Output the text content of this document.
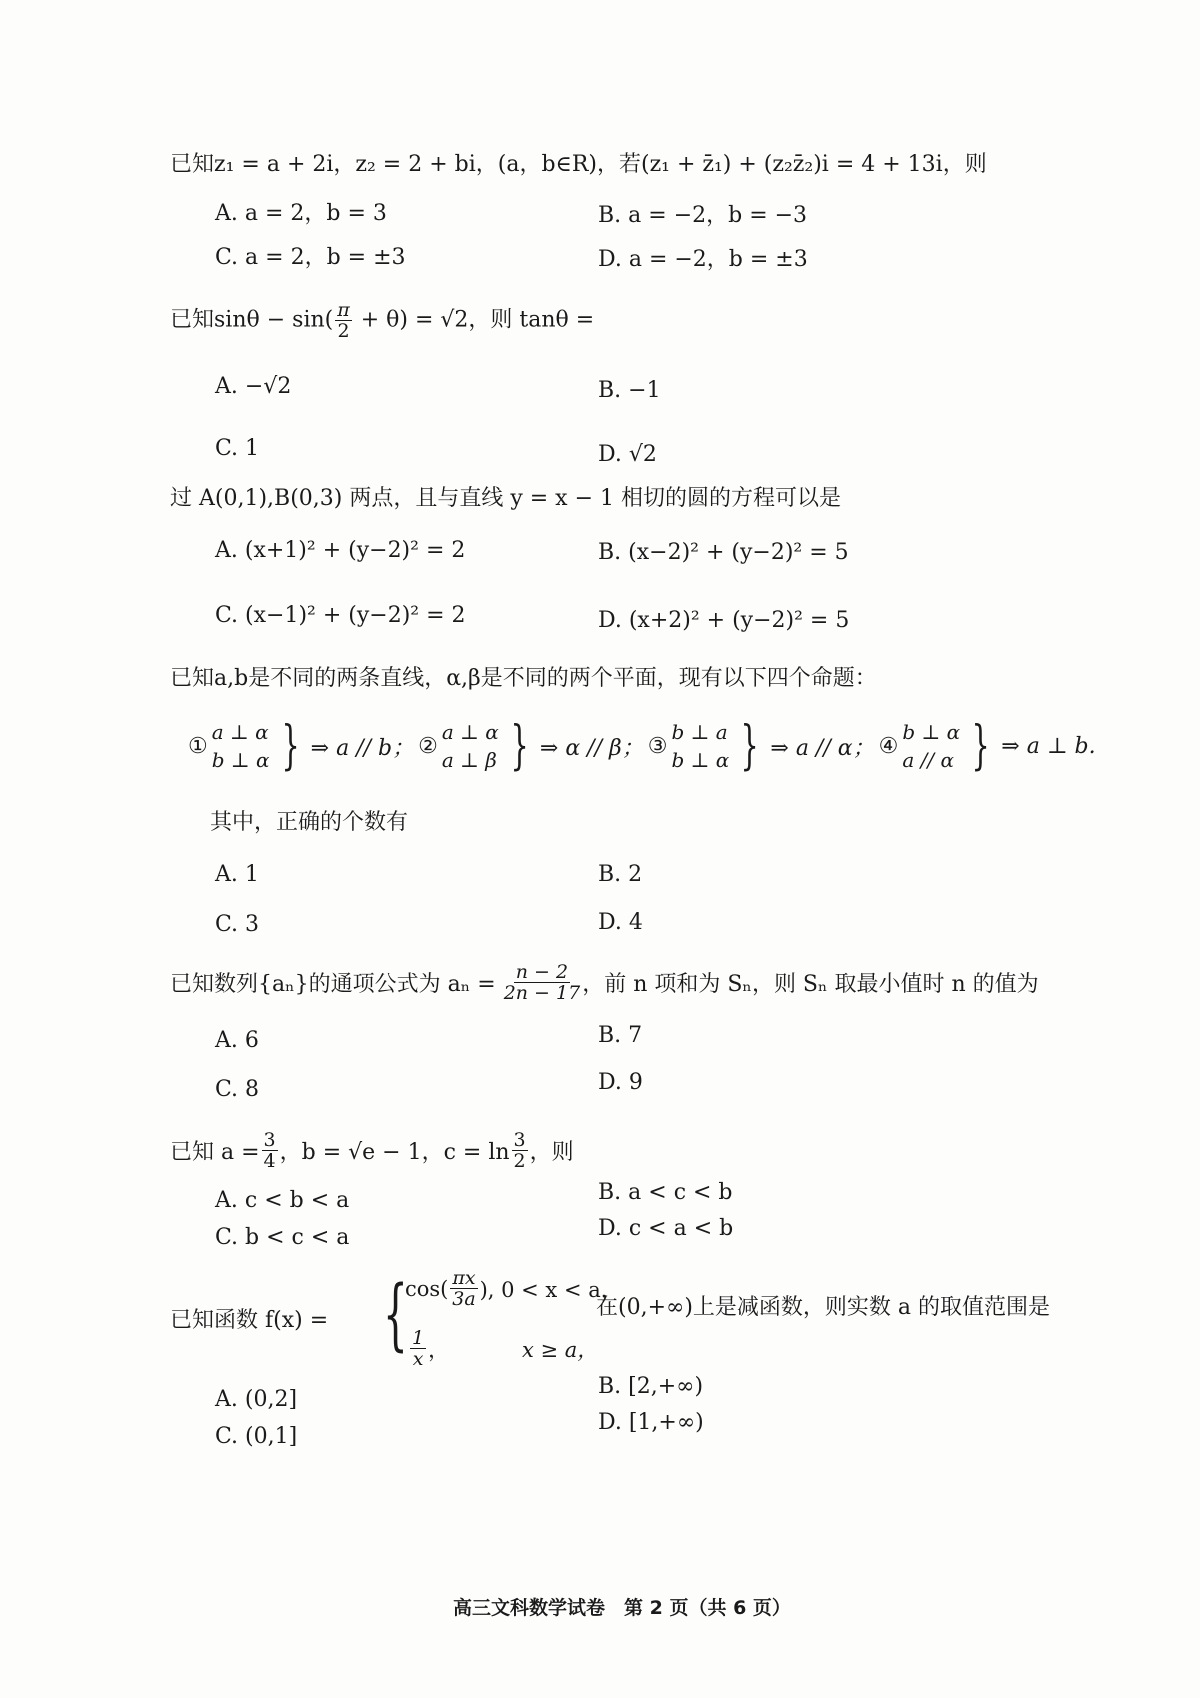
已知z₁ = a + 2i，z₂ = 2 + bi，(a，b∈R)，若(z₁ + z̄₁) + (z₂z̄₂)i = 4 + 13i，则
A. a = 2，b = 3	B. a = −2，b = −3
C. a = 2，b = ±3	D. a = −2，b = ±3
已知$\sin\theta - \sin( \frac{\pi}{2} + \theta) = √2$，则 tanθ =
A. −√2	B. −1
C. 1	D. √2
过 A(0,1),B(0,3) 两点，且与直线 y = x − 1 相切的圆的方程可以是
A. (x+1)² + (y−2)² = 2	B. (x−2)² + (y−2)² = 5
C. (x−1)² + (y−2)² = 2	D. (x+2)² + (y−2)² = 5
已知a,b是不同的两条直线，α,β是不同的两个平面，现有以下四个命题：
①
a ⊥ α
b ⊥ α } ⇒ a // b； ②
a ⊥ α
a ⊥ β } ⇒ α // β； ③
b ⊥ a
b ⊥ α } ⇒ a // α； ④
b ⊥ α
a // α } ⇒ a ⊥ b.
其中，正确的个数有
A. 1	B. 2
C. 3	D. 4
已知数列{aₙ}的通项公式为 $a_n = \frac{n - 2}{2n - 17}$ ，前 n 项和为 Sₙ，则 Sₙ 取最小值时 n 的值为
A. 6	B. 7
C. 8	D. 9
已知 $a = \frac{3}{4}$ ，b = √e − 1，$c = \ln \frac{3}{2}$ ，则
A. c < b < a	B. a < c < b
C. b < c < a	D. c < a < b
已知函数 f(x) = {
$\cos( \frac{\pi x}{3a}$ ), 0 < x < a，
$\frac{1}{x}$ ，	x ≥ a，
在(0,+∞)上是减函数，则实数 a 的取值范围是
A. (0,2]
B. [2,+∞)
C. (0,1]
D. [1,+∞)
高三文科数学试卷　第 2 页（共 6 页）
